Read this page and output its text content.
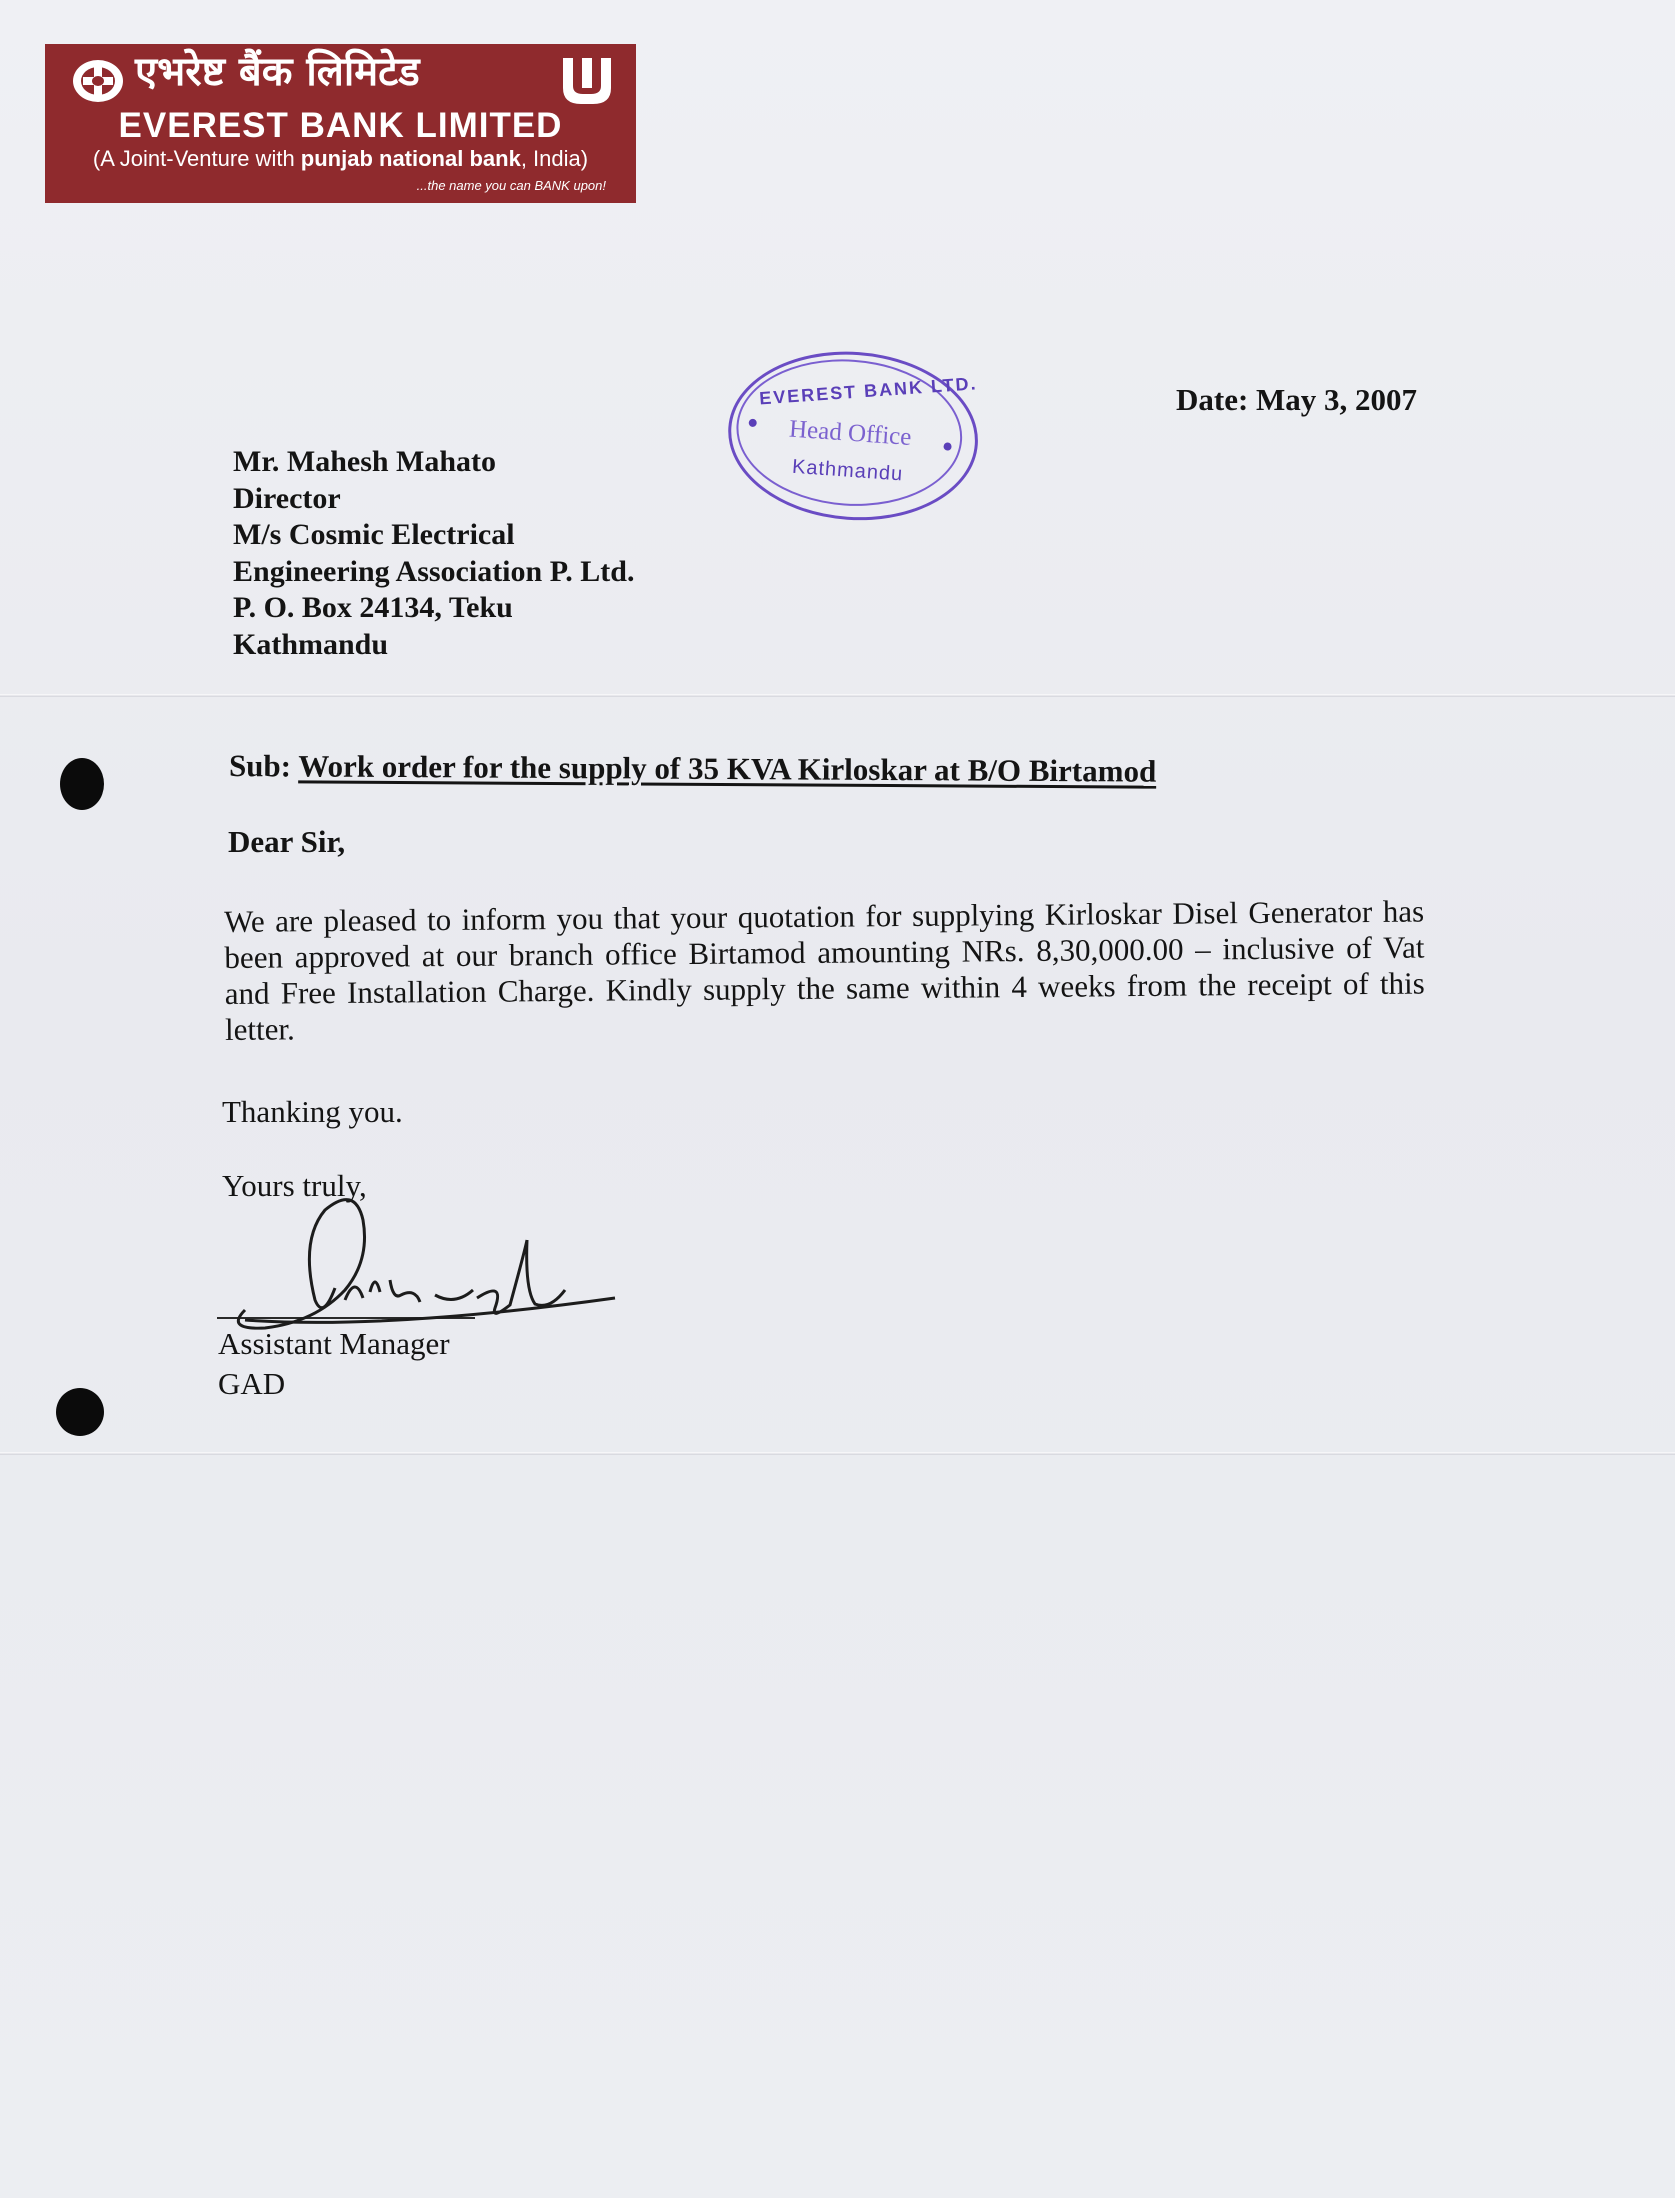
एभरेष्ट बैंक लिमिटेड
EVEREST BANK LIMITED
(A Joint-Venture with punjab national bank, India)
...the name you can BANK upon!
EVEREST BANK LTD.
Head Office
Kathmandu
Date: May 3, 2007
Mr. Mahesh Mahato
Director
M/s Cosmic Electrical
Engineering Association P. Ltd.
P. O. Box 24134, Teku
Kathmandu
Sub: Work order for the supply of 35 KVA Kirloskar at B/O Birtamod
Dear Sir,
We are pleased to inform you that your quotation for supplying Kirloskar Disel Generator has been approved at our branch office Birtamod amounting NRs. 8,30,000.00 – inclusive of Vat and Free Installation Charge. Kindly supply the same within 4 weeks from the receipt of this letter.
Thanking you.
Yours truly,
Assistant Manager
GAD
